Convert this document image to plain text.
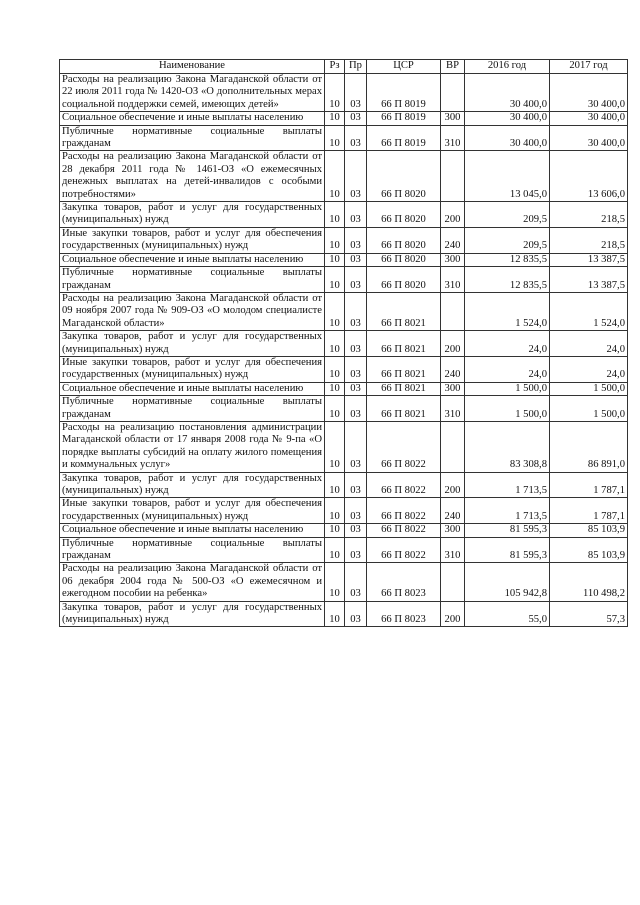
Наименование	Рз	Пр	ЦСР	ВР	2016 год	2017 год
Расходы на реализацию Закона Магаданской области от 22 июля 2011 года № 1420-ОЗ «О дополнительных мерах социальной поддержки семей, имеющих детей»	10	03	66 П 8019		30 400,0	30 400,0
Социальное обеспечение и иные выплаты населению	10	03	66 П 8019	300	30 400,0	30 400,0
Публичные нормативные социальные выплаты гражданам	10	03	66 П 8019	310	30 400,0	30 400,0
Расходы на реализацию Закона Магаданской области от 28 декабря 2011 года № 1461-ОЗ «О ежемесячных денежных выплатах на детей-инвалидов с особыми потребностями»	10	03	66 П 8020		13 045,0	13 606,0
Закупка товаров, работ и услуг для государственных (муниципальных) нужд	10	03	66 П 8020	200	209,5	218,5
Иные закупки товаров, работ и услуг для обеспечения государственных (муниципальных) нужд	10	03	66 П 8020	240	209,5	218,5
Социальное обеспечение и иные выплаты населению	10	03	66 П 8020	300	12 835,5	13 387,5
Публичные нормативные социальные выплаты гражданам	10	03	66 П 8020	310	12 835,5	13 387,5
Расходы на реализацию Закона Магаданской области от 09 ноября 2007 года № 909-ОЗ «О молодом специалисте Магаданской области»	10	03	66 П 8021		1 524,0	1 524,0
Закупка товаров, работ и услуг для государственных (муниципальных) нужд	10	03	66 П 8021	200	24,0	24,0
Иные закупки товаров, работ и услуг для обеспечения государственных (муниципальных) нужд	10	03	66 П 8021	240	24,0	24,0
Социальное обеспечение и иные выплаты населению	10	03	66 П 8021	300	1 500,0	1 500,0
Публичные нормативные социальные выплаты гражданам	10	03	66 П 8021	310	1 500,0	1 500,0
Расходы на реализацию постановления администрации Магаданской области от 17 января 2008 года № 9-па «О порядке выплаты субсидий на оплату жилого помещения и коммунальных услуг»	10	03	66 П 8022		83 308,8	86 891,0
Закупка товаров, работ и услуг для государственных (муниципальных) нужд	10	03	66 П 8022	200	1 713,5	1 787,1
Иные закупки товаров, работ и услуг для обеспечения государственных (муниципальных) нужд	10	03	66 П 8022	240	1 713,5	1 787,1
Социальное обеспечение и иные выплаты населению	10	03	66 П 8022	300	81 595,3	85 103,9
Публичные нормативные социальные выплаты гражданам	10	03	66 П 8022	310	81 595,3	85 103,9
Расходы на реализацию Закона Магаданской области от 06 декабря 2004 года № 500-ОЗ «О ежемесячном и ежегодном пособии на ребенка»	10	03	66 П 8023		105 942,8	110 498,2
Закупка товаров, работ и услуг для государственных (муниципальных) нужд	10	03	66 П 8023	200	55,0	57,3
